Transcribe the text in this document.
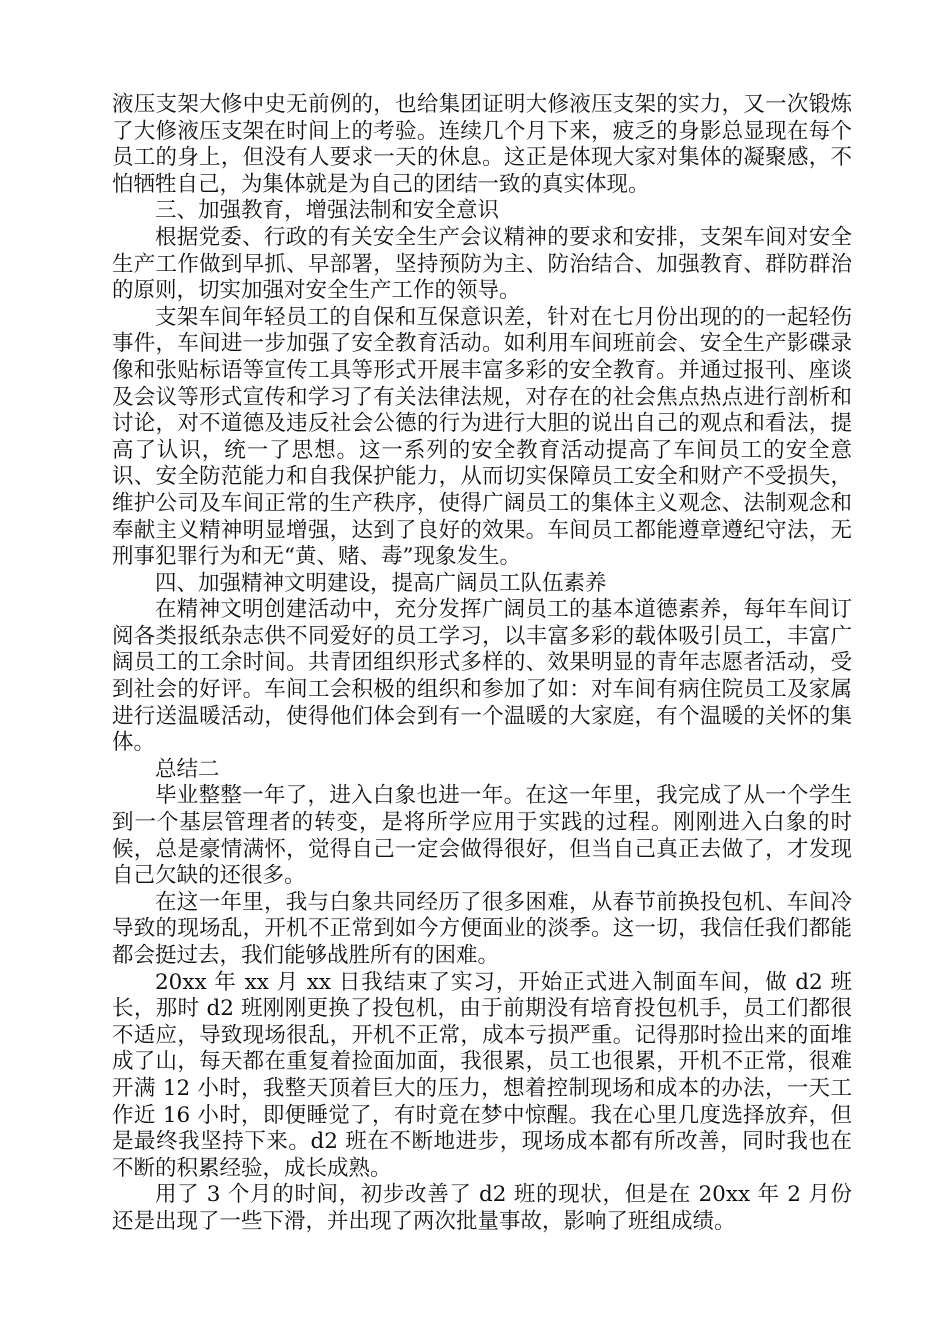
液压支架大修中史无前例的，也给集团证明大修液压支架的实力，又一次锻炼了大修液压支架在时间上的考验。连续几个月下来，疲乏的身影总显现在每个员工的身上，但没有人要求一天的休息。这正是体现大家对集体的凝聚感，不怕牺牲自己，为集体就是为自己的团结一致的真实体现。

三、加强教育，增强法制和安全意识

根据党委、行政的有关安全生产会议精神的要求和安排，支架车间对安全生产工作做到早抓、早部署，坚持预防为主、防治结合、加强教育、群防群治的原则，切实加强对安全生产工作的领导。

支架车间年轻员工的自保和互保意识差，针对在七月份出现的的一起轻伤事件，车间进一步加强了安全教育活动。如利用车间班前会、安全生产影碟录像和张贴标语等宣传工具等形式开展丰富多彩的安全教育。并通过报刊、座谈及会议等形式宣传和学习了有关法律法规，对存在的社会焦点热点进行剖析和讨论，对不道德及违反社会公德的行为进行大胆的说出自己的观点和看法，提高了认识，统一了思想。这一系列的安全教育活动提高了车间员工的安全意识、安全防范能力和自我保护能力，从而切实保障员工安全和财产不受损失，维护公司及车间正常的生产秩序，使得广阔员工的集体主义观念、法制观念和奉献主义精神明显增强，达到了良好的效果。车间员工都能遵章遵纪守法，无刑事犯罪行为和无“黄、赌、毒”现象发生。

四、加强精神文明建设，提高广阔员工队伍素养

在精神文明创建活动中，充分发挥广阔员工的基本道德素养，每年车间订阅各类报纸杂志供不同爱好的员工学习，以丰富多彩的载体吸引员工，丰富广阔员工的工余时间。共青团组织形式多样的、效果明显的青年志愿者活动，受到社会的好评。车间工会积极的组织和参加了如：对车间有病住院员工及家属进行送温暖活动，使得他们体会到有一个温暖的大家庭，有个温暖的关怀的集体。

总结二

毕业整整一年了，进入白象也进一年。在这一年里，我完成了从一个学生到一个基层管理者的转变，是将所学应用于实践的过程。刚刚进入白象的时候，总是豪情满怀，觉得自己一定会做得很好，但当自己真正去做了，才发现自己欠缺的还很多。

在这一年里，我与白象共同经历了很多困难，从春节前换投包机、车间冷导致的现场乱，开机不正常到如今方便面业的淡季。这一切，我信任我们都能都会挺过去，我们能够战胜所有的困难。

20xx 年 xx 月 xx 日我结束了实习，开始正式进入制面车间，做 d2 班长，那时 d2 班刚刚更换了投包机，由于前期没有培育投包机手，员工们都很不适应，导致现场很乱，开机不正常，成本亏损严重。记得那时捡出来的面堆成了山，每天都在重复着捡面加面，我很累，员工也很累，开机不正常，很难开满 12 小时，我整天顶着巨大的压力，想着控制现场和成本的办法，一天工作近 16 小时，即便睡觉了，有时竟在梦中惊醒。我在心里几度选择放弃，但是最终我坚持下来。d2 班在不断地进步，现场成本都有所改善，同时我也在不断的积累经验，成长成熟。

用了 3 个月的时间，初步改善了 d2 班的现状，但是在 20xx 年 2 月份还是出现了一些下滑，并出现了两次批量事故，影响了班组成绩。
